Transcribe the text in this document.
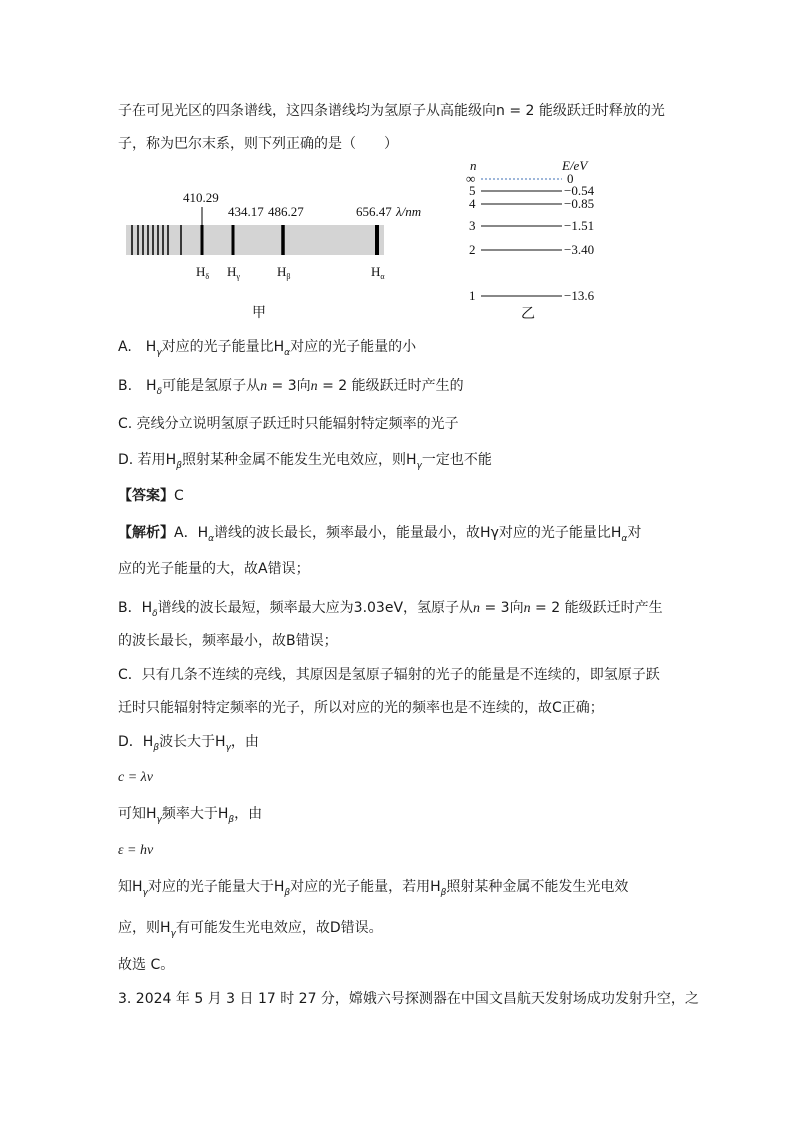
子在可见光区的四条谱线，这四条谱线均为氢原子从高能级向n = 2 能级跃迁时释放的光
子，称为巴尔末系，则下列正确的是（　　）
410.29
434.17 486.27	656.47 λ/nm
$H_\delta$ $H_\gamma$	$H_\beta$	$H_\alpha$
甲
n	E/eV
∞	0
5	−0.54
4	−0.85
3	−1.51
2	−3.40
1	−13.6
乙
A.　$H_\gamma$对应的光子能量比$H_\alpha$对应的光子能量的小
B.　$H_\delta$可能是氢原子从n = 3向n = 2 能级跃迁时产生的
C. 亮线分立说明氢原子跃迁时只能辐射特定频率的光子
D. 若用$H_\beta$照射某种金属不能发生光电效应，则$H_\gamma$一定也不能
【答案】C
【解析】A．$H_\alpha$谱线的波长最长，频率最小，能量最小，故Hγ对应的光子能量比$H_\alpha$对
应的光子能量的大，故A错误；
B．$H_\delta$谱线的波长最短，频率最大应为3.03eV，氢原子从n = 3向n = 2 能级跃迁时产生
的波长最长，频率最小，故B错误；
C．只有几条不连续的亮线，其原因是氢原子辐射的光子的能量是不连续的，即氢原子跃
迁时只能辐射特定频率的光子，所以对应的光的频率也是不连续的，故C正确；
D．$H_\beta$波长大于$H_\gamma$，由
c = λν
可知$H_\gamma$频率大于$H_\beta$，由
ε = hν
知$H_\gamma$对应的光子能量大于$H_\beta$对应的光子能量，若用$H_\beta$照射某种金属不能发生光电效
应，则$H_\gamma$有可能发生光电效应，故D错误。
故选 C。
3. 2024 年 5 月 3 日 17 时 27 分，嫦娥六号探测器在中国文昌航天发射场成功发射升空，之
